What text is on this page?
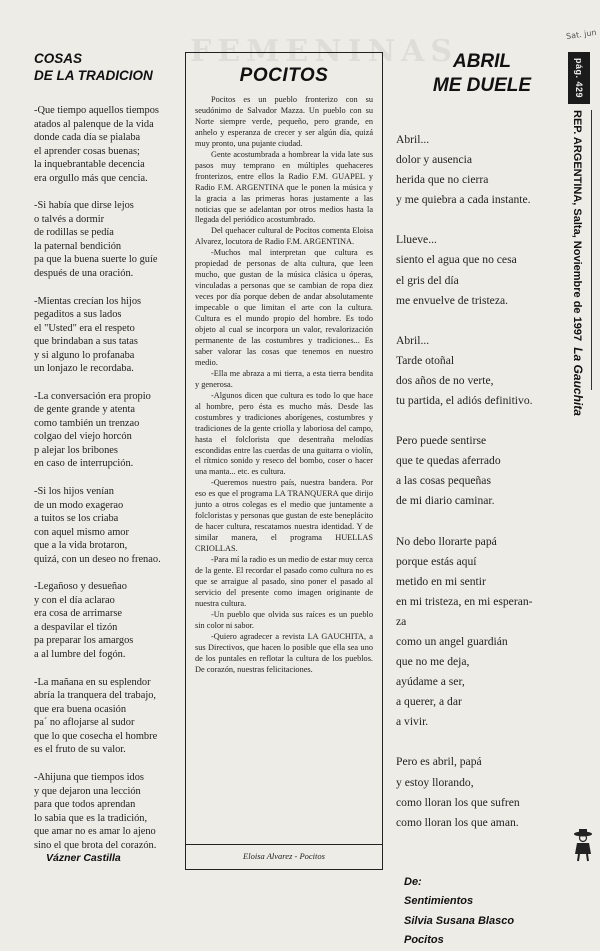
Sat. jun
FEMENINAS
COSAS
DE LA TRADICION
-Que tiempo aquellos tiempos
atados al palenque de la vida
donde cada día se pialaba
el aprender cosas buenas;
la inquebrantable decencia
era orgullo más que cencia.
-Si había que dirse lejos
o talvés a dormir
de rodillas se pedía
la paternal bendición
pa que la buena suerte lo guíe
después de una oración.
-Mientas crecían los hijos
pegaditos a sus lados
el "Usted" era el respeto
que brindaban a sus tatas
y si alguno lo profanaba
un lonjazo le recordaba.
-La conversación era propio
de gente grande y atenta
como también un trenzao
colgao del viejo horcón
p alejar los bribones
en caso de interrupción.
-Si los hijos venían
de un modo exagerao
a tuitos se los criaba
con aquel mismo amor
que a la vida brotaron,
quizá, con un deseo no frenao.
-Legañoso y desueñao
y con el día aclarao
era cosa de arrimarse
a despavilar el tizón
pa preparar los amargos
a al lumbre del fogón.
-La mañana en su esplendor
abría la tranquera del trabajo,
que era buena ocasión
pa´ no aflojarse al sudor
que lo que cosecha el hombre
es el fruto de su valor.
-Ahijuna que tiempos idos
y que dejaron una lección
para que todos aprendan
lo sabia que es la tradición,
que amar no es amar lo ajeno
sino el que brota del corazón.
Vázner Castilla
POCITOS

Pocitos es un pueblo fronterizo con su seudónimo de Salvador Mazza. Un pueblo con su Norte siempre verde, pequeño, pero grande, en anhelo y esperanza de crecer y ser algún día, quizá muy pronto, una pujante ciudad.

Gente acostumbrada a hombrear la vida late sus pasos muy temprano en múltiples quehaceres fronterizos, entre ellos la Radio F.M. GUAPEL y Radio F.M. ARGENTINA que le ponen la música y la gracia a las primeras horas justamente a las noticias que se adelantan por otros medios hasta la llegada del periódico acostumbrado.

Del quehacer cultural de Pocitos comenta Eloisa Alvarez, locutora de Radio F.M. ARGENTINA.

-Muchos mal interpretan que cultura es propiedad de personas de alta cultura, que leen mucho, que gustan de la música clásica u óperas, vinculadas a personas que se cambian de ropa diez veces por día porque deben de andar absolutamente impecable o que limitan el arte con la cultura. Cultura es el mundo propio del hombre. Es todo objeto al cual se incorpora un valor, revalorización permanente de las costumbres y tradiciones... Es saber valorar las cosas que tenemos en nuestro medio.

-Ella me abraza a mi tierra, a esta tierra bendita y generosa.

-Algunos dicen que cultura es todo lo que hace al hombre, pero ésta es mucho más. Desde las costumbres y tradiciones aborígenes, costumbres y tradiciones de la gente criolla y laboriosa del campo, hasta el folclorista que desentraña melodías escondidas entre las cuerdas de una guitarra o violín, el rítmico sonido y reseco del bombo, coser o hacer una manta... etc. es cultura.

-Queremos nuestro país, nuestra bandera. Por eso es que el programa LA TRANQUERA que dirijo junto a otros colegas es el medio que juntamente a folcloristas y personas que gustan de este beneplácito de hacer cultura, rescatamos nuestra identidad. Y de similar manera, el programa HUELLAS CRIOLLAS.

-Para mí la radio es un medio de estar muy cerca de la gente. El recordar el pasado como cultura no es que se arraigue al pasado, sino poner el pasado al servicio del presente como imagen originante de nuestra cultura.

-Un pueblo que olvida sus raíces es un pueblo sin color ni sabor.

-Quiero agradecer a revista LA GAUCHITA, a sus Directivos, que hacen lo posible que ella sea uno de los puntales en reflotar la cultura de los pueblos. De corazón, nuestras felicitaciones.

Eloisa Alvarez - Pocitos
ABRIL
ME DUELE
Abril...
dolor y ausencia
herida que no cierra
y me quiebra a cada instante.
Llueve...
siento el agua que no cesa
el gris del día
me envuelve de tristeza.
Abril...
Tarde otoñal
dos años de no verte,
tu partida, el adiós definitivo.
Pero puede sentirse
que te quedas aferrado
a las cosas pequeñas
de mi diario caminar.
No debo llorarte papá
porque estás aquí
metido en mi sentir
en mi tristeza, en mi esperan-
za
como un angel guardián
que no me deja,
ayúdame a ser,
a querer, a dar
a vivir.
Pero es abril, papá
y estoy llorando,
como lloran los que sufren
como lloran los que aman.
De:
Sentimientos
Silvia Susana Blasco
Pocitos
pág. 429
REP. ARGENTINA, Salta, Noviembre de 1997  La Gauchita
